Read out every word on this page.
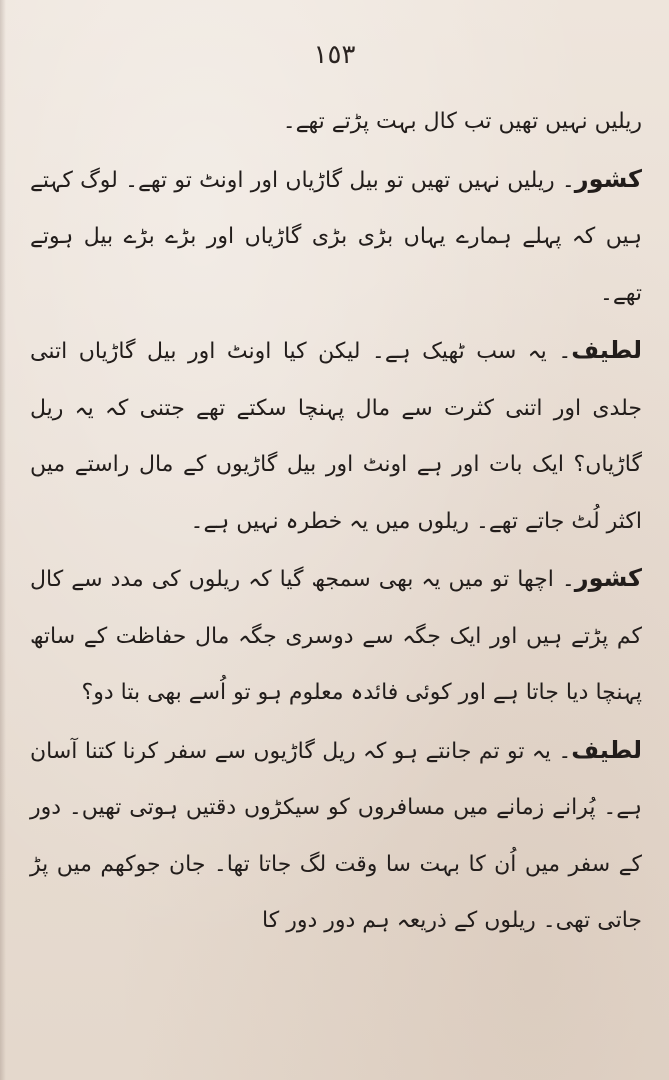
١٥٣

ریلیں نہیں تھیں تب کال بہت پڑتے تھے۔

کشور۔ ریلیں نہیں تھیں تو بیل گاڑیاں اور اونٹ تو تھے۔ لوگ کہتے ہیں کہ پہلے ہمارے یہاں بڑی بڑی گاڑیاں اور بڑے بڑے بیل ہوتے تھے۔

لطیف۔ یہ سب ٹھیک ہے۔ لیکن کیا اونٹ اور بیل گاڑیاں اتنی جلدی اور اتنی کثرت سے مال پہنچا سکتے تھے جتنی کہ یہ ریل گاڑیاں؟ ایک بات اور ہے اونٹ اور بیل گاڑیوں کے مال راستے میں اکثر لُٹ جاتے تھے۔ ریلوں میں یہ خطرہ نہیں ہے۔

کشور۔ اچھا تو میں یہ بھی سمجھ گیا کہ ریلوں کی مدد سے کال کم پڑتے ہیں اور ایک جگہ سے دوسری جگہ مال حفاظت کے ساتھ پہنچا دیا جاتا ہے اور کوئی فائدہ معلوم ہو تو اُسے بھی بتا دو؟

لطیف۔ یہ تو تم جانتے ہو کہ ریل گاڑیوں سے سفر کرنا کتنا آسان ہے۔ پُرانے زمانے میں مسافروں کو سیکڑوں دقتیں ہوتی تھیں۔ دور کے سفر میں اُن کا بہت سا وقت لگ جاتا تھا۔ جان جوکھم میں پڑ جاتی تھی۔ ریلوں کے ذریعہ ہم دور دور کا
